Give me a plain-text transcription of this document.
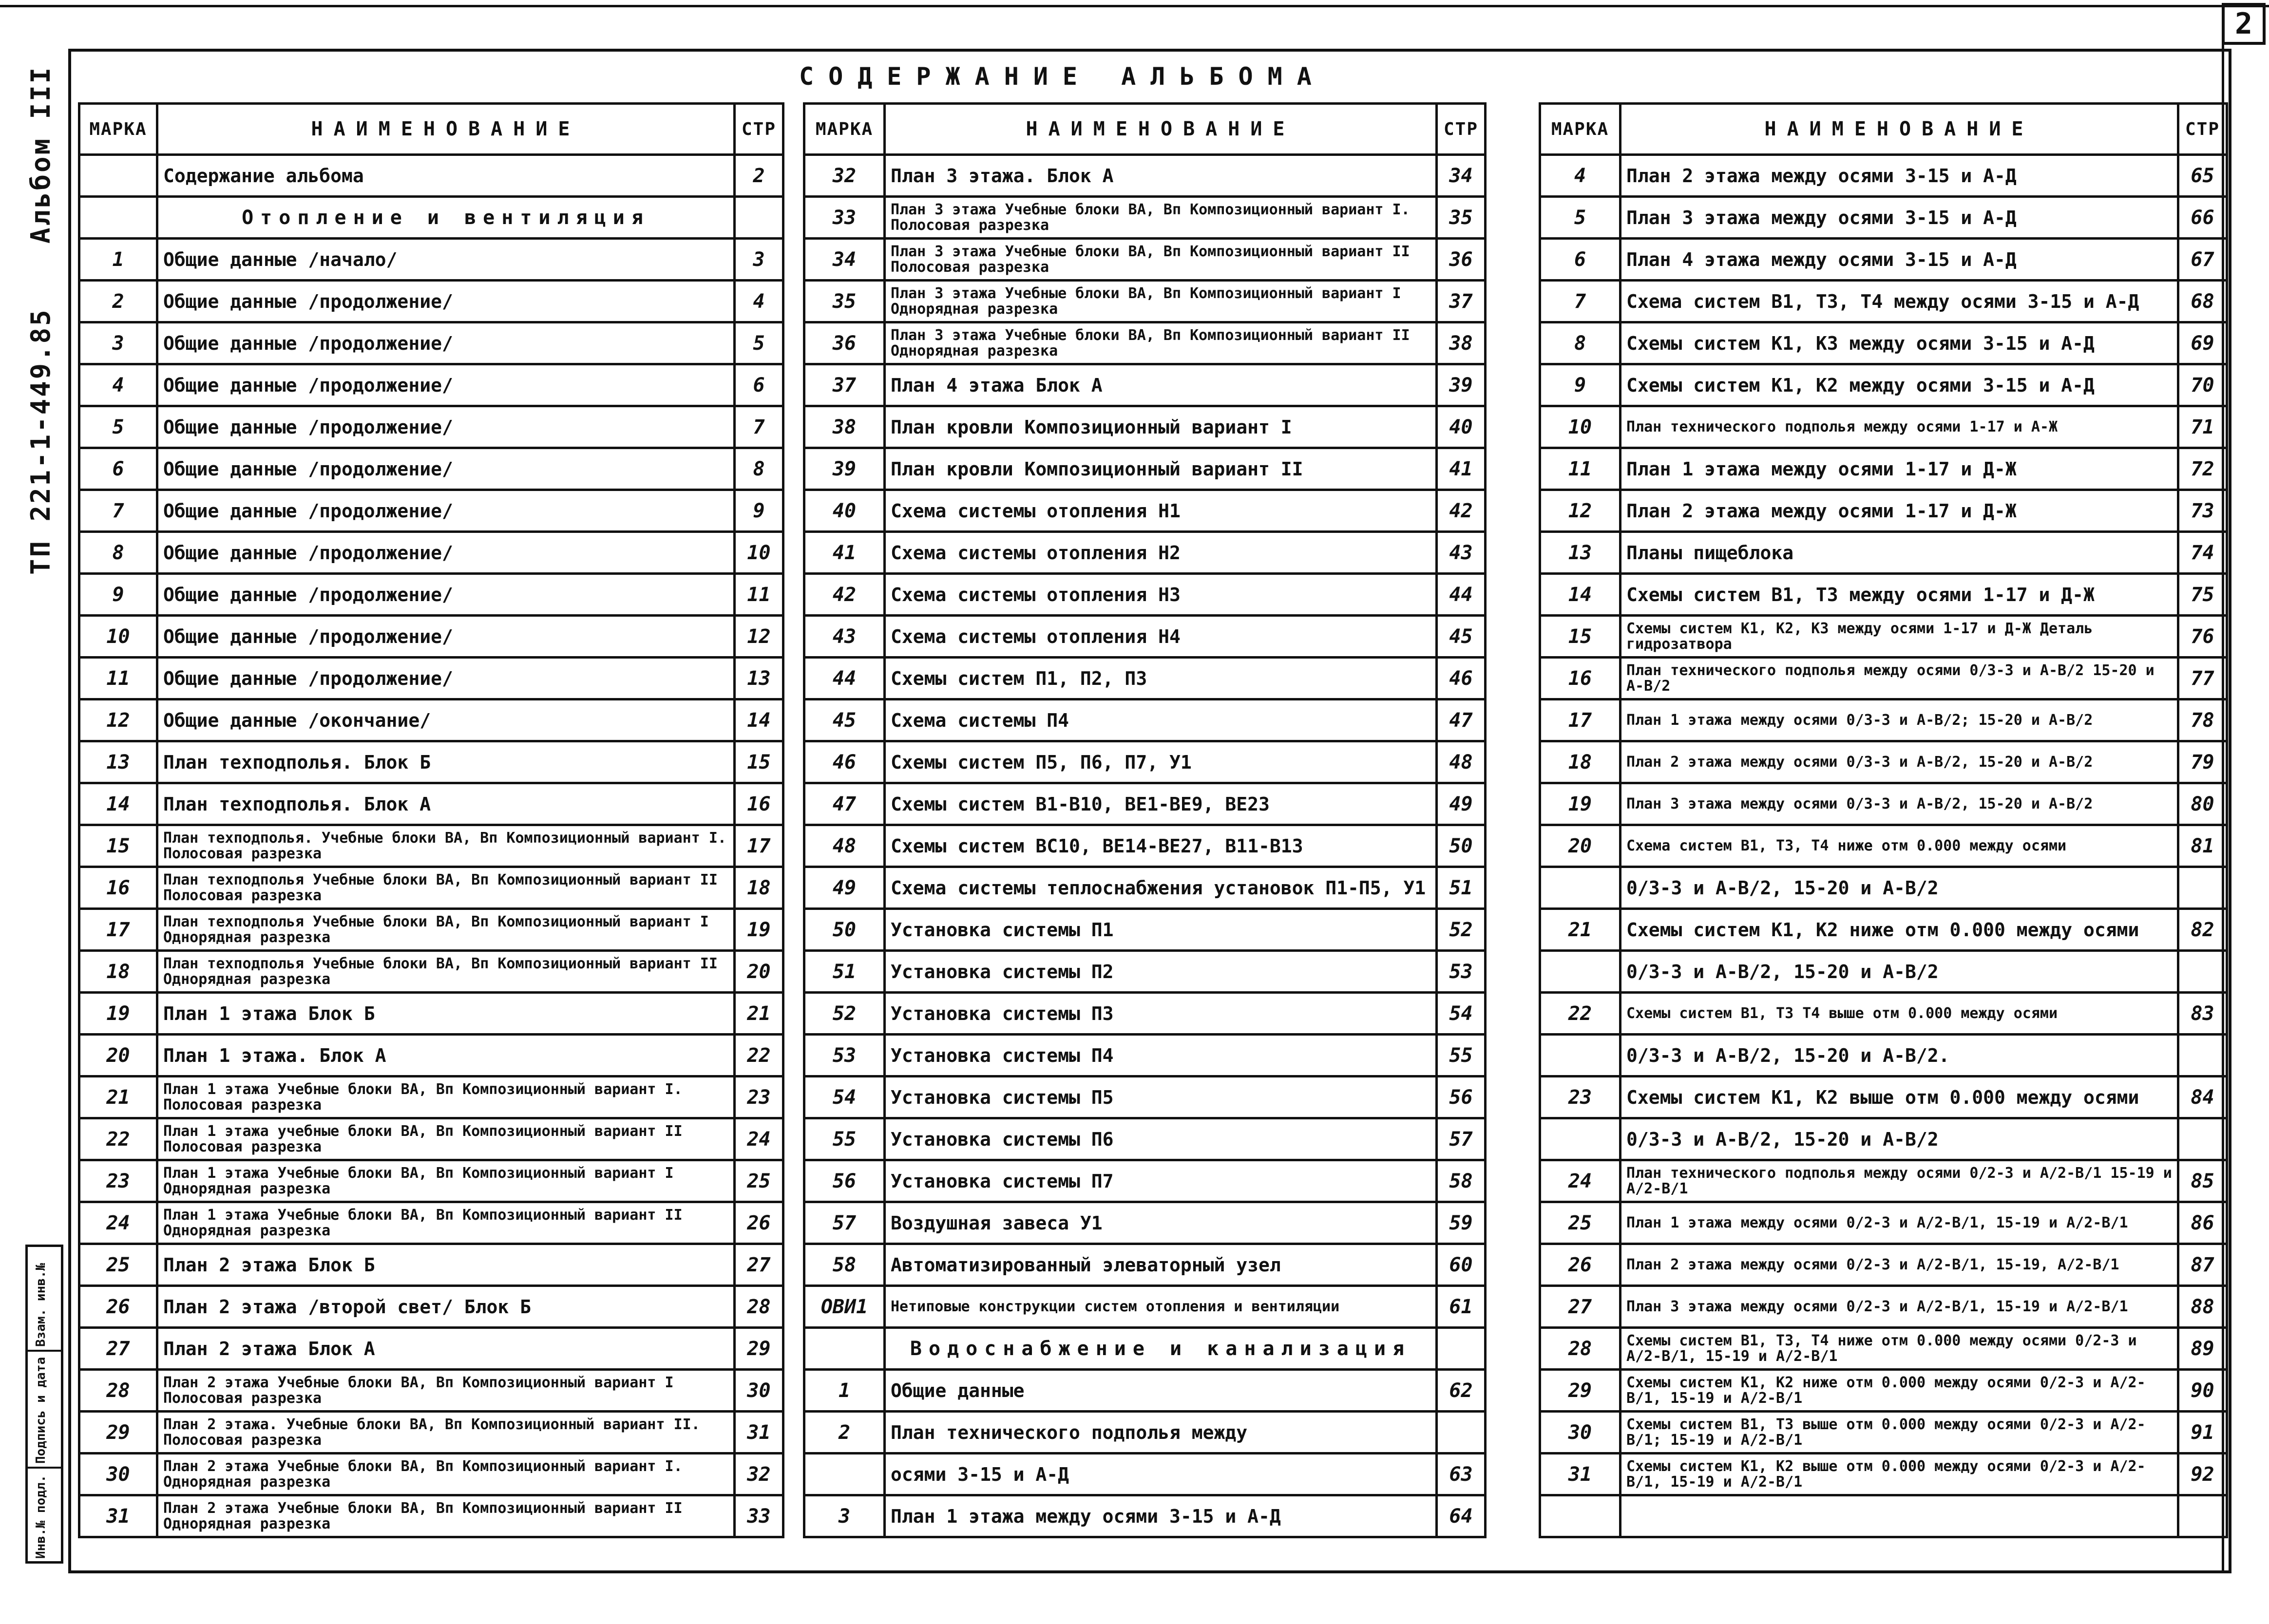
2
Альбом III
ТП 221-1-449.85
Взам. инв.№
Подпись и дата
Инв.№ подл.
СОДЕРЖАНИЕ АЛЬБОМА
МАРКА	НАИМЕНОВАНИЕ	СТР
	Содержание альбома	2
	Отопление и вентиляция	
1	Общие данные /начало/	3
2	Общие данные /продолжение/	4
3	Общие данные /продолжение/	5
4	Общие данные /продолжение/	6
5	Общие данные /продолжение/	7
6	Общие данные /продолжение/	8
7	Общие данные /продолжение/	9
8	Общие данные /продолжение/	10
9	Общие данные /продолжение/	11
10	Общие данные /продолжение/	12
11	Общие данные /продолжение/	13
12	Общие данные /окончание/	14
13	План техподполья. Блок Б	15
14	План техподполья. Блок А	16
15	План техподполья. Учебные блоки ВА, Вп Композиционный вариант I. Полосовая разрезка	17
16	План техподполья Учебные блоки ВА, Вп Композиционный вариант II Полосовая разрезка	18
17	План техподполья Учебные блоки ВА, Вп Композиционный вариант I Однорядная разрезка	19
18	План техподполья Учебные блоки ВА, Вп Композиционный вариант II Однорядная разрезка	20
19	План 1 этажа Блок Б	21
20	План 1 этажа. Блок А	22
21	План 1 этажа Учебные блоки ВА, Вп Композиционный вариант I. Полосовая разрезка	23
22	План 1 этажа учебные блоки ВА, Вп Композиционный вариант II Полосовая разрезка	24
23	План 1 этажа Учебные блоки ВА, Вп Композиционный вариант I Однорядная разрезка	25
24	План 1 этажа Учебные блоки ВА, Вп Композиционный вариант II Однорядная разрезка	26
25	План 2 этажа Блок Б	27
26	План 2 этажа /второй свет/ Блок Б	28
27	План 2 этажа Блок А	29
28	План 2 этажа Учебные блоки ВА, Вп Композиционный вариант I Полосовая разрезка	30
29	План 2 этажа. Учебные блоки ВА, Вп Композиционный вариант II. Полосовая разрезка	31
30	План 2 этажа Учебные блоки ВА, Вп Композиционный вариант I. Однорядная разрезка	32
31	План 2 этажа Учебные блоки ВА, Вп Композиционный вариант II Однорядная разрезка	33
МАРКА	НАИМЕНОВАНИЕ	СТР
32	План 3 этажа. Блок А	34
33	План 3 этажа Учебные блоки ВА, Вп Композиционный вариант I. Полосовая разрезка	35
34	План 3 этажа Учебные блоки ВА, Вп Композиционный вариант II Полосовая разрезка	36
35	План 3 этажа Учебные блоки ВА, Вп Композиционный вариант I Однорядная разрезка	37
36	План 3 этажа Учебные блоки ВА, Вп Композиционный вариант II Однорядная разрезка	38
37	План 4 этажа Блок А	39
38	План кровли Композиционный вариант I	40
39	План кровли Композиционный вариант II	41
40	Схема системы отопления Н1	42
41	Схема системы отопления Н2	43
42	Схема системы отопления Н3	44
43	Схема системы отопления Н4	45
44	Схемы систем П1, П2, П3	46
45	Схема системы П4	47
46	Схемы систем П5, П6, П7, У1	48
47	Схемы систем В1-В10, ВЕ1-ВЕ9, ВЕ23	49
48	Схемы систем ВС10, ВЕ14-ВЕ27, В11-В13	50
49	Схема системы теплоснабжения установок П1-П5, У1	51
50	Установка системы П1	52
51	Установка системы П2	53
52	Установка системы П3	54
53	Установка системы П4	55
54	Установка системы П5	56
55	Установка системы П6	57
56	Установка системы П7	58
57	Воздушная завеса У1	59
58	Автоматизированный элеваторный узел	60
ОВИ1	Нетиповые конструкции систем отопления и вентиляции	61
	Водоснабжение и канализация	
1	Общие данные	62
2	План технического подполья между	
	осями 3-15 и А-Д	63
3	План 1 этажа между осями 3-15 и А-Д	64
МАРКА	НАИМЕНОВАНИЕ	СТР
4	План 2 этажа между осями 3-15 и А-Д	65
5	План 3 этажа между осями 3-15 и А-Д	66
6	План 4 этажа между осями 3-15 и А-Д	67
7	Схема систем В1, Т3, Т4 между осями 3-15 и А-Д	68
8	Схемы систем К1, К3 между осями 3-15 и А-Д	69
9	Схемы систем К1, К2 между осями 3-15 и А-Д	70
10	План технического подполья между осями 1-17 и А-Ж	71
11	План 1 этажа между осями 1-17 и Д-Ж	72
12	План 2 этажа между осями 1-17 и Д-Ж	73
13	Планы пищеблока	74
14	Схемы систем В1, Т3 между осями 1-17 и Д-Ж	75
15	Схемы систем К1, К2, К3 между осями 1-17 и Д-Ж Деталь гидрозатвора	76
16	План технического подполья между осями 0/3-3 и А-В/2 15-20 и А-В/2	77
17	План 1 этажа между осями 0/3-3 и А-В/2; 15-20 и А-В/2	78
18	План 2 этажа между осями 0/3-3 и А-В/2, 15-20 и А-В/2	79
19	План 3 этажа между осями 0/3-3 и А-В/2, 15-20 и А-В/2	80
20	Схема систем В1, Т3, Т4 ниже отм 0.000 между осями	81
	0/3-3 и А-В/2, 15-20 и А-В/2	
21	Схемы систем К1, К2 ниже отм 0.000 между осями	82
	0/3-3 и А-В/2, 15-20 и А-В/2	
22	Схемы систем В1, Т3 Т4 выше отм 0.000 между осями	83
	0/3-3 и А-В/2, 15-20 и А-В/2.	
23	Схемы систем К1, К2 выше отм 0.000 между осями	84
	0/3-3 и А-В/2, 15-20 и А-В/2	
24	План технического подполья между осями 0/2-3 и А/2-В/1 15-19 и А/2-В/1	85
25	План 1 этажа между осями 0/2-3 и А/2-В/1, 15-19 и А/2-В/1	86
26	План 2 этажа между осями 0/2-3 и А/2-В/1, 15-19, А/2-В/1	87
27	План 3 этажа между осями 0/2-3 и А/2-В/1, 15-19 и А/2-В/1	88
28	Схемы систем В1, Т3, Т4 ниже отм 0.000 между осями 0/2-3 и А/2-В/1, 15-19 и А/2-В/1	89
29	Схемы систем К1, К2 ниже отм 0.000 между осями 0/2-3 и А/2-В/1, 15-19 и А/2-В/1	90
30	Схемы систем В1, Т3 выше отм 0.000 между осями 0/2-3 и А/2-В/1; 15-19 и А/2-В/1	91
31	Схемы систем К1, К2 выше отм 0.000 между осями 0/2-3 и А/2-В/1, 15-19 и А/2-В/1	92
